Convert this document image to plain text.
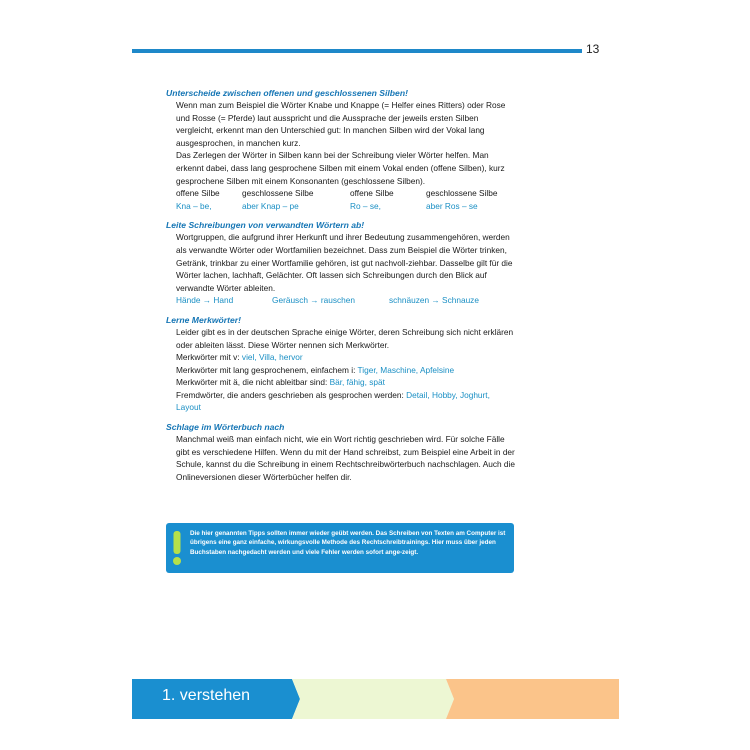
13

Unterscheide zwischen offenen und geschlossenen Silben!

Wenn man zum Beispiel die Wörter Knabe und Knappe (= Helfer eines Ritters) oder Rose und Rosse (= Pferde) laut ausspricht und die Aussprache der jeweils ersten Silben vergleicht, erkennt man den Unterschied gut: In manchen Silben wird der Vokal lang ausgesprochen, in manchen kurz.

Das Zerlegen der Wörter in Silben kann bei der Schreibung vieler Wörter helfen. Man erkennt dabei, dass lang gesprochene Silben mit einem Vokal enden (offene Silben), kurz gesprochene Silben mit einem Konsonanten (geschlossene Silben).

offene Silbe	geschlossene Silbe	offene Silbe	geschlossene Silbe
Kna – be,	aber Knap – pe	Ro – se,	aber Ros – se

Leite Schreibungen von verwandten Wörtern ab!

Wortgruppen, die aufgrund ihrer Herkunft und ihrer Bedeutung zusammengehören, werden als verwandte Wörter oder Wortfamilien bezeichnet. Dass zum Beispiel die Wörter trinken, Getränk, trinkbar zu einer Wortfamilie gehören, ist gut nachvoll-ziehbar. Dasselbe gilt für die Wörter lachen, lachhaft, Gelächter. Oft lassen sich Schreibungen durch den Blick auf verwandte Wörter ableiten.

Hände → Hand	Geräusch → rauschen	schnäuzen → Schnauze

Lerne Merkwörter!

Leider gibt es in der deutschen Sprache einige Wörter, deren Schreibung sich nicht erklären oder ableiten lässt. Diese Wörter nennen sich Merkwörter.

Merkwörter mit v: viel, Villa, hervor

Merkwörter mit lang gesprochenem, einfachem i: Tiger, Maschine, Apfelsine

Merkwörter mit ä, die nicht ableitbar sind: Bär, fähig, spät

Fremdwörter, die anders geschrieben als gesprochen werden: Detail, Hobby, Joghurt, Layout

Schlage im Wörterbuch nach

Manchmal weiß man einfach nicht, wie ein Wort richtig geschrieben wird. Für solche Fälle gibt es verschiedene Hilfen. Wenn du mit der Hand schreibst, zum Beispiel eine Arbeit in der Schule, kannst du die Schreibung in einem Rechtschreibwörterbuch nachschlagen. Auch die Onlineversionen dieser Wörterbücher helfen dir.

Die hier genannten Tipps sollten immer wieder geübt werden. Das Schreiben von Texten am Computer ist übrigens eine ganz einfache, wirkungsvolle Methode des Rechtschreibtrainings. Hier muss über jeden Buchstaben nachgedacht werden und viele Fehler werden sofort ange-zeigt.
1. verstehen
